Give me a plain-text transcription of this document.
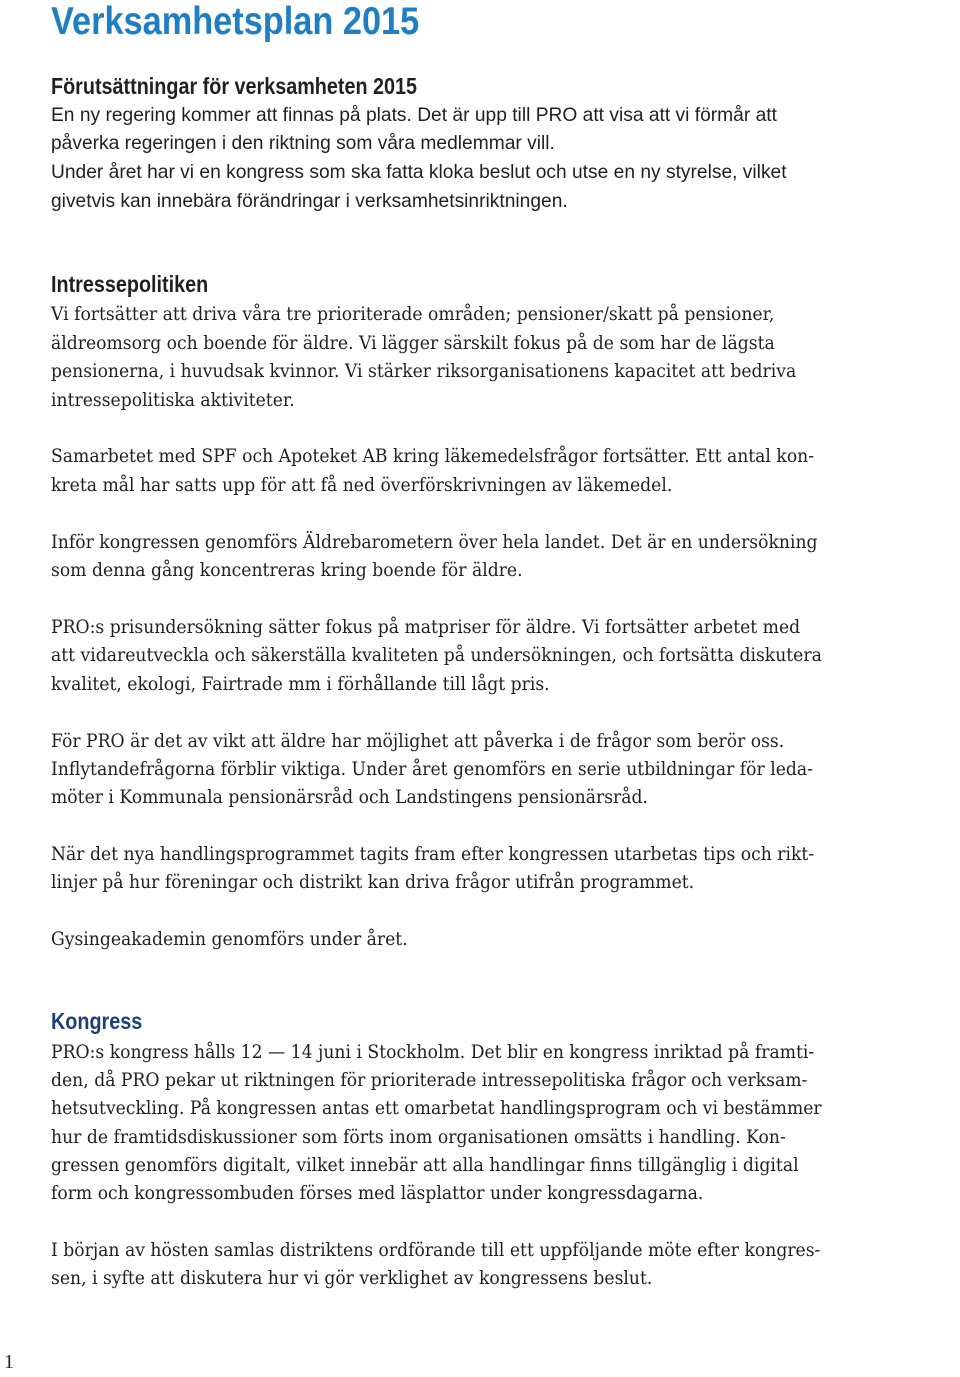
Verksamhetsplan 2015
Förutsättningar för verksamheten 2015
En ny regering kommer att finnas på plats. Det är upp till PRO att visa att vi förmår att
påverka regeringen i den riktning som våra medlemmar vill.
Under året har vi en kongress som ska fatta kloka beslut och utse en ny styrelse, vilket
givetvis kan innebära förändringar i verksamhetsinriktningen.
Intressepolitiken
Vi fortsätter att driva våra tre prioriterade områden; pensioner/skatt på pensioner,
äldreomsorg och boende för äldre. Vi lägger särskilt fokus på de som har de lägsta
pensionerna, i huvudsak kvinnor. Vi stärker riksorganisationens kapacitet att bedriva
intressepolitiska aktiviteter.
Samarbetet med SPF och Apoteket AB kring läkemedelsfrågor fortsätter. Ett antal kon-
kreta mål har satts upp för att få ned överförskrivningen av läkemedel.
Inför kongressen genomförs Äldrebarometern över hela landet. Det är en undersökning
som denna gång koncentreras kring boende för äldre.
PRO:s prisundersökning sätter fokus på matpriser för äldre. Vi fortsätter arbetet med
att vidareutveckla och säkerställa kvaliteten på undersökningen, och fortsätta diskutera
kvalitet, ekologi, Fairtrade mm i förhållande till lågt pris.
För PRO är det av vikt att äldre har möjlighet att påverka i de frågor som berör oss.
Inflytandefrågorna förblir viktiga. Under året genomförs en serie utbildningar för leda-
möter i Kommunala pensionärsråd och Landstingens pensionärsråd.
När det nya handlingsprogrammet tagits fram efter kongressen utarbetas tips och rikt-
linjer på hur föreningar och distrikt kan driva frågor utifrån programmet.
Gysingeakademin genomförs under året.
Kongress
PRO:s kongress hålls 12 — 14 juni i Stockholm. Det blir en kongress inriktad på framti-
den, då PRO pekar ut riktningen för prioriterade intressepolitiska frågor och verksam-
hetsutveckling. På kongressen antas ett omarbetat handlingsprogram och vi bestämmer
hur de framtidsdiskussioner som förts inom organisationen omsätts i handling. Kon-
gressen genomförs digitalt, vilket innebär att alla handlingar finns tillgänglig i digital
form och kongressombuden förses med läsplattor under kongressdagarna.
I början av hösten samlas distriktens ordförande till ett uppföljande möte efter kongres-
sen, i syfte att diskutera hur vi gör verklighet av kongressens beslut.
1
